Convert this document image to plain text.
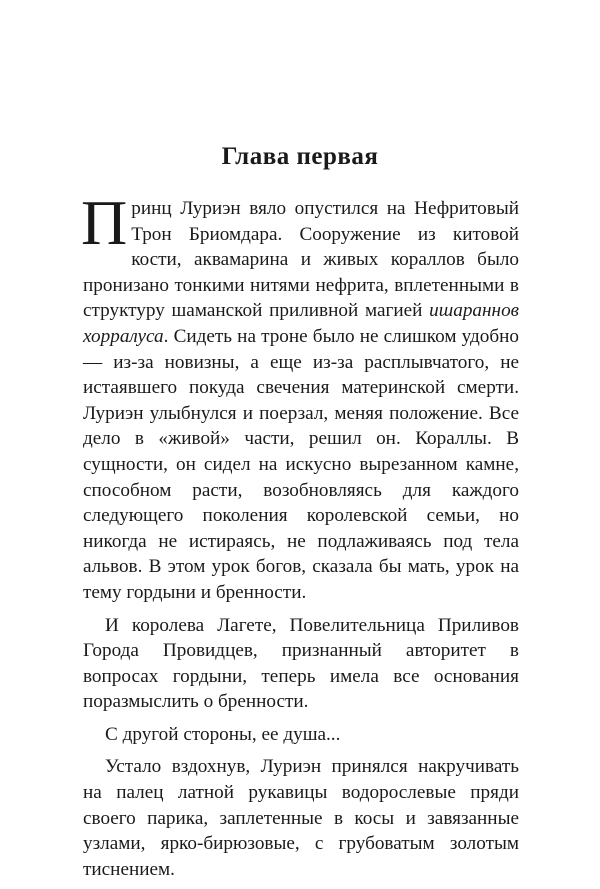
Глава первая

Принц Луриэн вяло опустился на Нефритовый Трон Бриомдара. Сооружение из китовой кости, аквамарина и живых кораллов было пронизано тонкими нитями нефрита, вплетенными в структуру шаманской приливной магией ишараннов хорралуса. Сидеть на троне было не слишком удобно — из-за новизны, а еще из-за расплывчатого, не истаявшего покуда свечения материнской смерти. Луриэн улыбнулся и поерзал, меняя положение. Все дело в «живой» части, решил он. Кораллы. В сущности, он сидел на искусно вырезанном камне, способном расти, возобновляясь для каждого следующего поколения королевской семьи, но никогда не истираясь, не подлаживаясь под тела альвов. В этом урок богов, сказала бы мать, урок на тему гордыни и бренности.

И королева Лагете, Повелительница Приливов Города Провидцев, признанный авторитет в вопросах гордыни, теперь имела все основания поразмыслить о бренности.

С другой стороны, ее душа...

Устало вздохнув, Луриэн принялся накручивать на палец латной рукавицы водорослевые пряди своего парика, заплетенные в косы и завязанные узлами, ярко-бирюзовые, с грубоватым золотым тиснением.
